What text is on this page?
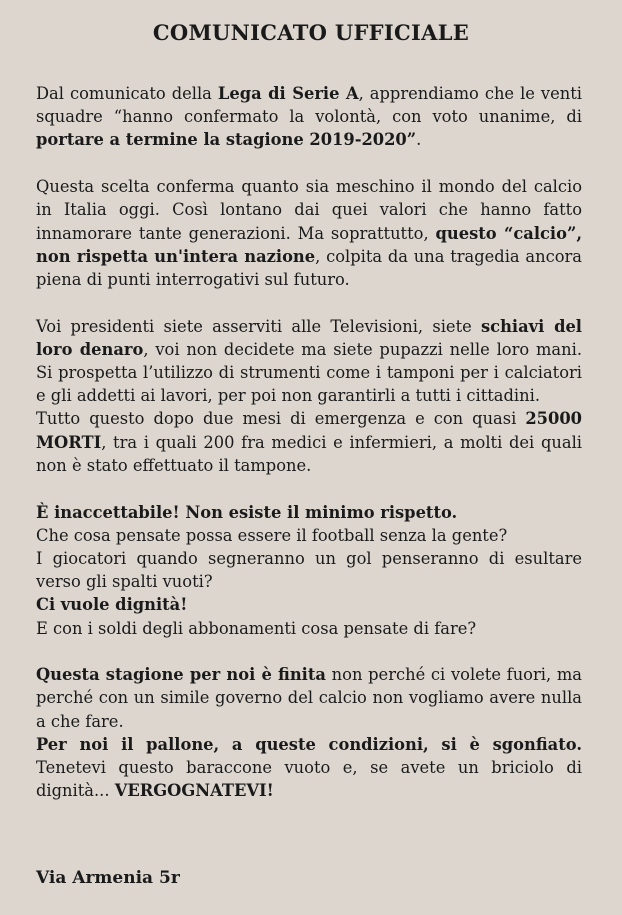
COMUNICATO UFFICIALE

Dal comunicato della Lega di Serie A, apprendiamo che le venti squadre “hanno confermato la volontà, con voto unanime, di portare a termine la stagione 2019-2020”.

Questa scelta conferma quanto sia meschino il mondo del calcio in Italia oggi. Così lontano dai quei valori che hanno fatto innamorare tante generazioni. Ma soprattutto, questo “calcio”, non rispetta un'intera nazione, colpita da una tragedia ancora piena di punti interrogativi sul futuro.

Voi presidenti siete asserviti alle Televisioni, siete schiavi del loro denaro, voi non decidete ma siete pupazzi nelle loro mani. Si prospetta l’utilizzo di strumenti come i tamponi per i calciatori e gli addetti ai lavori, per poi non garantirli a tutti i cittadini.

Tutto questo dopo due mesi di emergenza e con quasi 25000 MORTI, tra i quali 200 fra medici e infermieri, a molti dei quali non è stato effettuato il tampone.

È inaccettabile! Non esiste il minimo rispetto.
Che cosa pensate possa essere il football senza la gente?
I giocatori quando segneranno un gol penseranno di esultare verso gli spalti vuoti?
Ci vuole dignità!
E con i soldi degli abbonamenti cosa pensate di fare?

Questa stagione per noi è finita non perché ci volete fuori, ma perché con un simile governo del calcio non vogliamo avere nulla a che fare.

Per noi il pallone, a queste condizioni, si è sgonfiato.

Tenetevi questo baraccone vuoto e, se avete un briciolo di dignità... VERGOGNATEVI!

Via Armenia 5r
